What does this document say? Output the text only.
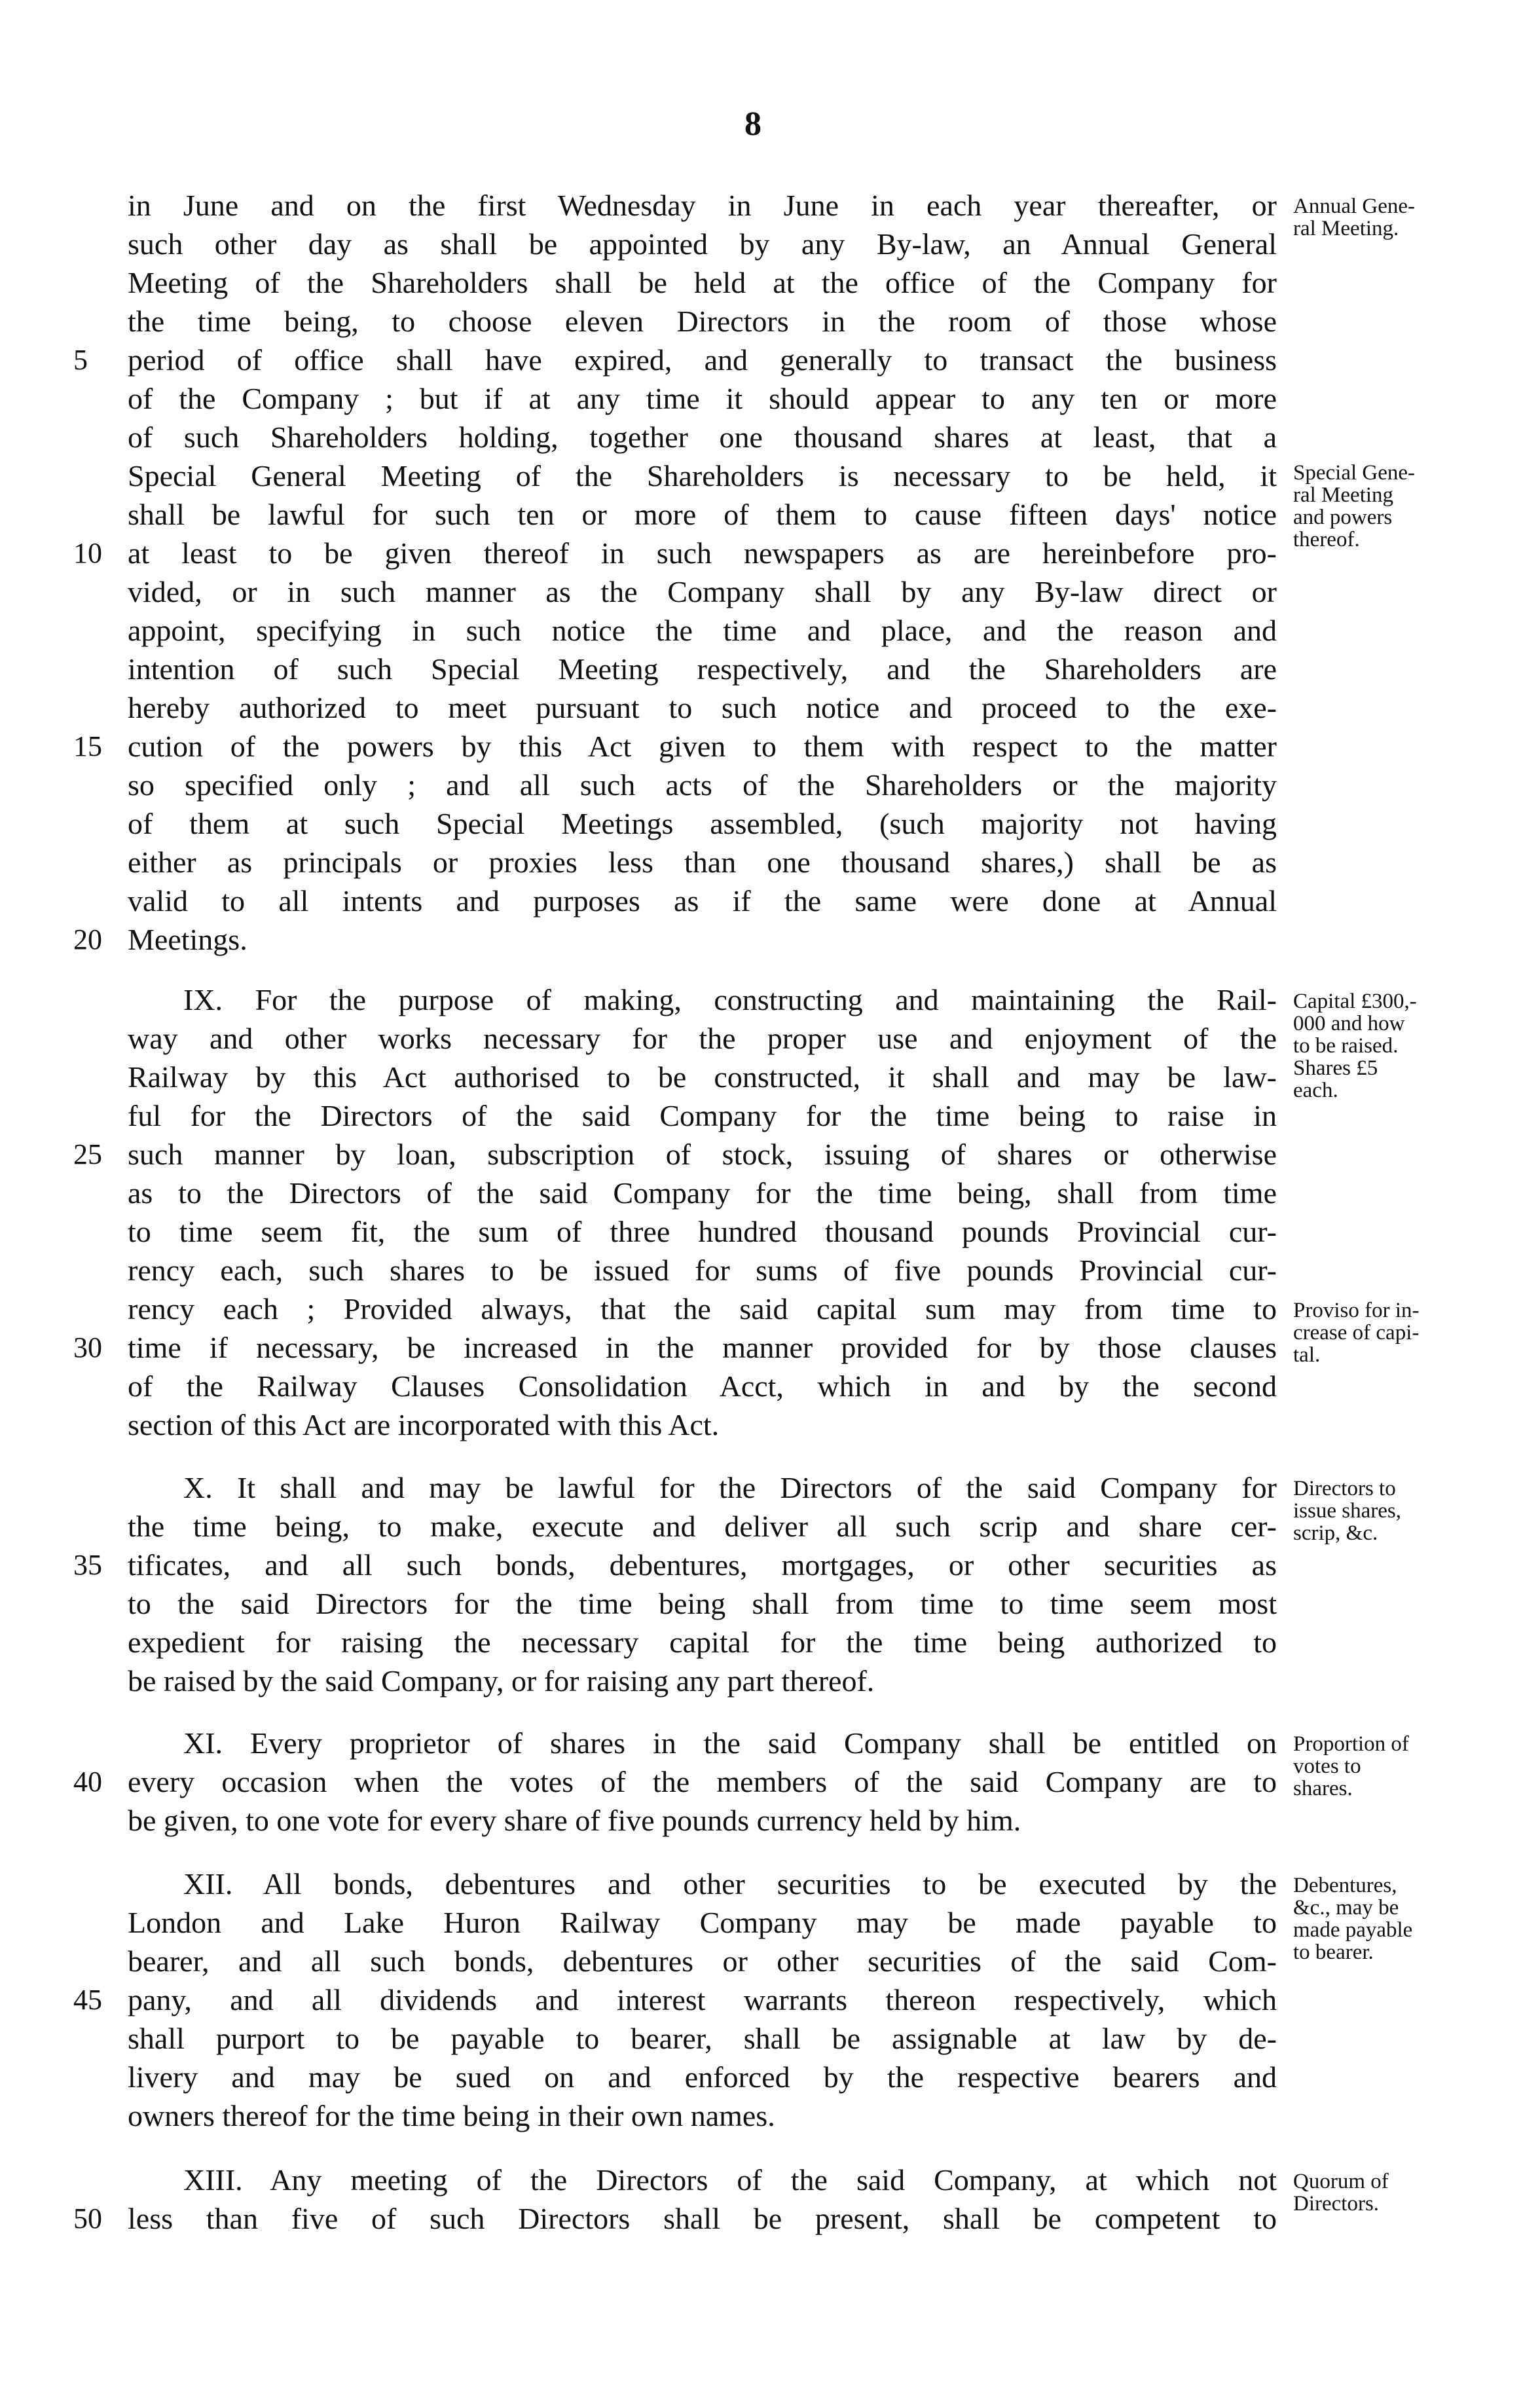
8
in June and on the first Wednesday in June in each year thereafter, or
such other day as shall be appointed by any By-law, an Annual General
Meeting of the Shareholders shall be held at the office of the Company for
the time being, to choose eleven Directors in the room of those whose
period of office shall have expired, and generally to transact the business
of the Company ; but if at any time it should appear to any ten or more
of such Shareholders holding, together one thousand shares at least, that a
Special General Meeting of the Shareholders is necessary to be held, it
shall be lawful for such ten or more of them to cause fifteen days' notice
at least to be given thereof in such newspapers as are hereinbefore pro-
vided, or in such manner as the Company shall by any By-law direct or
appoint, specifying in such notice the time and place, and the reason and
intention of such Special Meeting respectively, and the Shareholders are
hereby authorized to meet pursuant to such notice and proceed to the exe-
cution of the powers by this Act given to them with respect to the matter
so specified only ; and all such acts of the Shareholders or the majority
of them at such Special Meetings assembled, (such majority not having
either as principals or proxies less than one thousand shares,) shall be as
valid to all intents and purposes as if the same were done at Annual
Meetings.
IX. For the purpose of making, constructing and maintaining the Rail-
way and other works necessary for the proper use and enjoyment of the
Railway by this Act authorised to be constructed, it shall and may be law-
ful for the Directors of the said Company for the time being to raise in
such manner by loan, subscription of stock, issuing of shares or otherwise
as to the Directors of the said Company for the time being, shall from time
to time seem fit, the sum of three hundred thousand pounds Provincial cur-
rency each, such shares to be issued for sums of five pounds Provincial cur-
rency each ; Provided always, that the said capital sum may from time to
time if necessary, be increased in the manner provided for by those clauses
of the Railway Clauses Consolidation Acct, which in and by the second
section of this Act are incorporated with this Act.
X. It shall and may be lawful for the Directors of the said Company for
the time being, to make, execute and deliver all such scrip and share cer-
tificates, and all such bonds, debentures, mortgages, or other securities as
to the said Directors for the time being shall from time to time seem most
expedient for raising the necessary capital for the time being authorized to
be raised by the said Company, or for raising any part thereof.
XI. Every proprietor of shares in the said Company shall be entitled on
every occasion when the votes of the members of the said Company are to
be given, to one vote for every share of five pounds currency held by him.
XII. All bonds, debentures and other securities to be executed by the
London and Lake Huron Railway Company may be made payable to
bearer, and all such bonds, debentures or other securities of the said Com-
pany, and all dividends and interest warrants thereon respectively, which
shall purport to be payable to bearer, shall be assignable at law by de-
livery and may be sued on and enforced by the respective bearers and
owners thereof for the time being in their own names.
XIII. Any meeting of the Directors of the said Company, at which not
less than five of such Directors shall be present, shall be competent to
5
10
15
20
25
30
35
40
45
50
Annual Gene-
ral Meeting.
Special Gene-
ral Meeting
and powers
thereof.
Capital £300,-
000 and how
to be raised.
Shares £5
each.
Proviso for in-
crease of capi-
tal.
Directors to
issue shares,
scrip, &c.
Proportion of
votes to
shares.
Debentures,
&c., may be
made payable
to bearer.
Quorum of
Directors.
